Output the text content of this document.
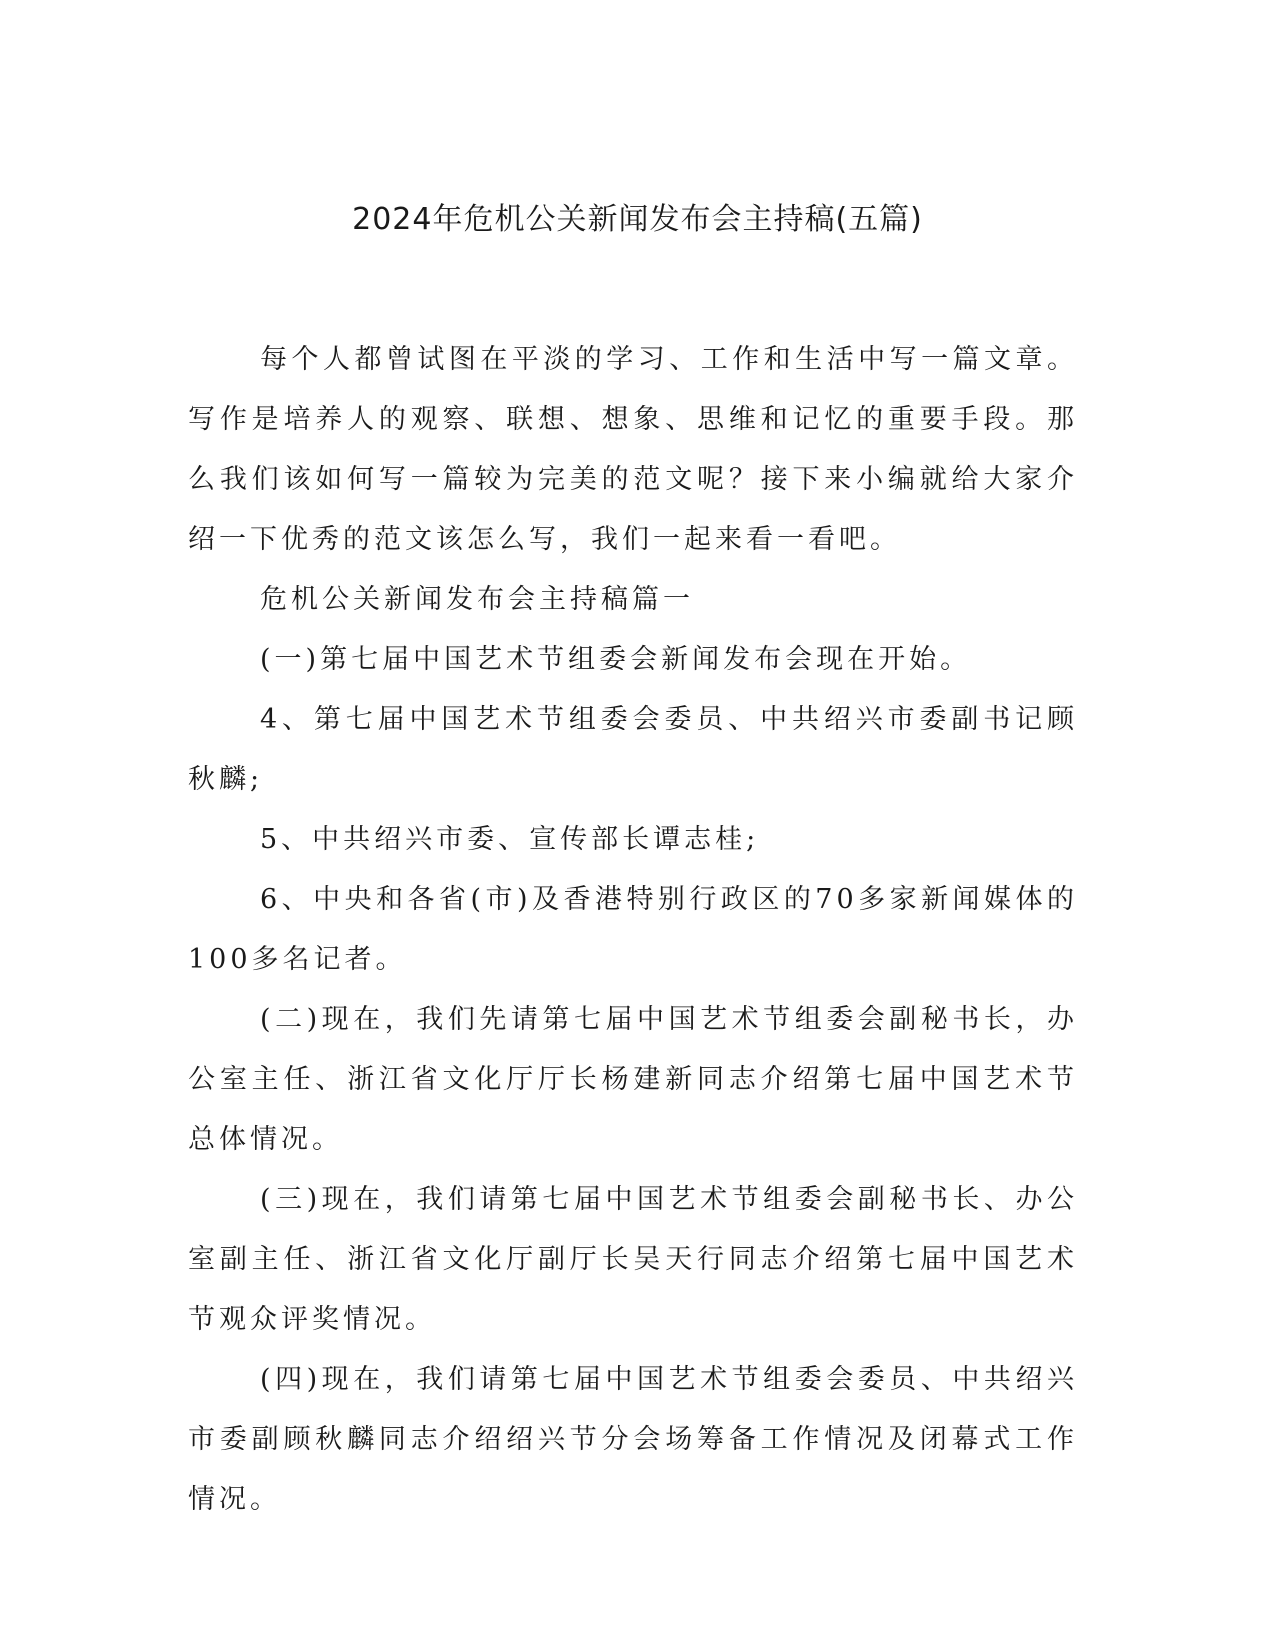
2024年危机公关新闻发布会主持稿(五篇)

每个人都曾试图在平淡的学习、工作和生活中写一篇文章。写作是培养人的观察、联想、想象、思维和记忆的重要手段。那么我们该如何写一篇较为完美的范文呢？接下来小编就给大家介绍一下优秀的范文该怎么写，我们一起来看一看吧。

危机公关新闻发布会主持稿篇一

(一)第七届中国艺术节组委会新闻发布会现在开始。

4、第七届中国艺术节组委会委员、中共绍兴市委副书记顾秋麟;

5、中共绍兴市委、宣传部长谭志桂;

6、中央和各省(市)及香港特别行政区的70多家新闻媒体的100多名记者。

(二)现在，我们先请第七届中国艺术节组委会副秘书长，办公室主任、浙江省文化厅厅长杨建新同志介绍第七届中国艺术节总体情况。

(三)现在，我们请第七届中国艺术节组委会副秘书长、办公室副主任、浙江省文化厅副厅长吴天行同志介绍第七届中国艺术节观众评奖情况。

(四)现在，我们请第七届中国艺术节组委会委员、中共绍兴市委副顾秋麟同志介绍绍兴节分会场筹备工作情况及闭幕式工作情况。
